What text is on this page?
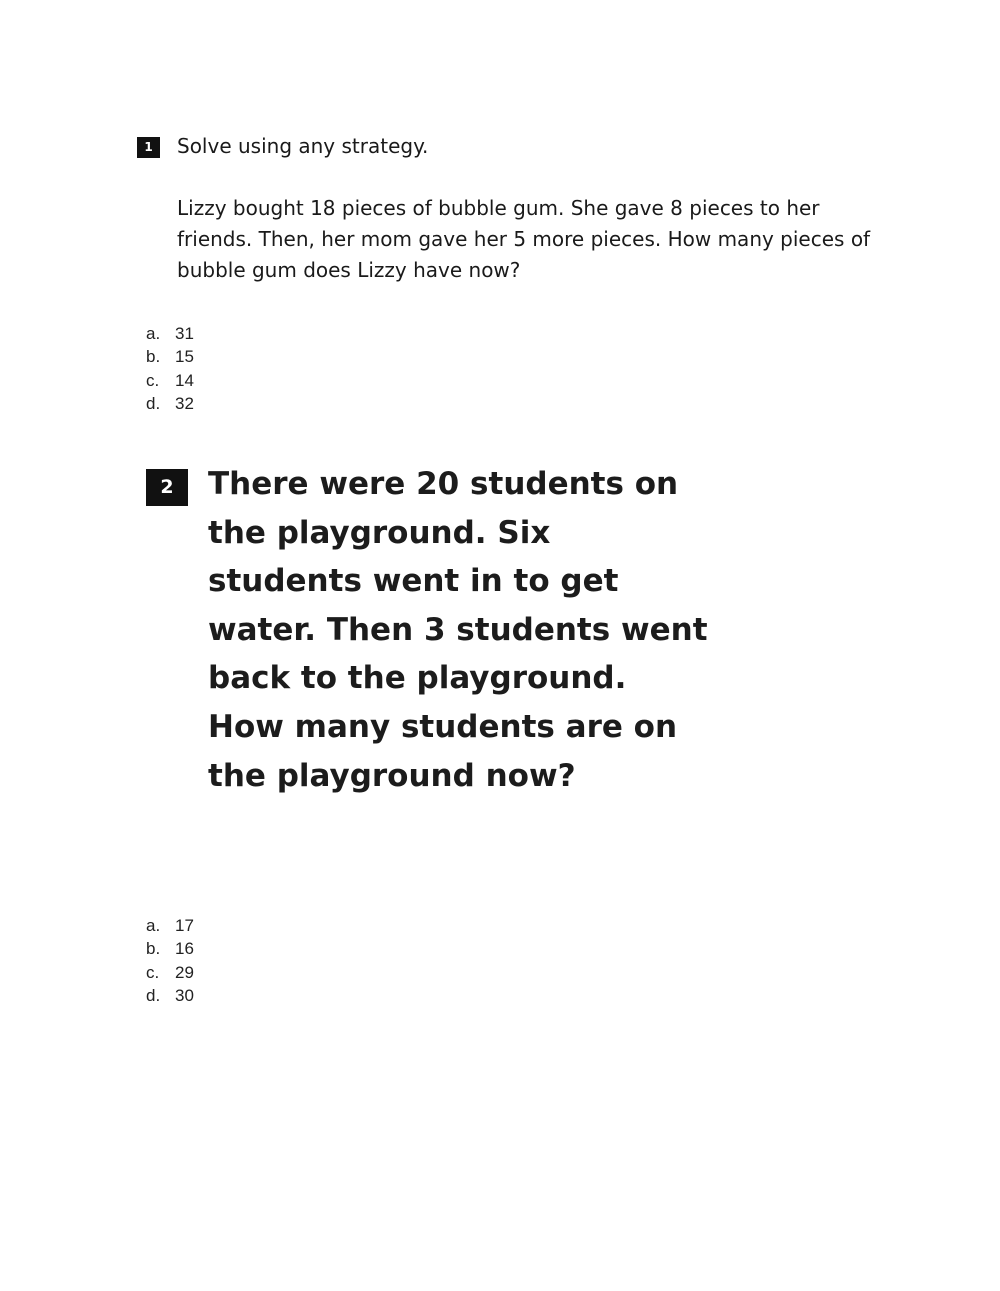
1	Solve using any strategy.
Lizzy bought 18 pieces of bubble gum. She gave 8 pieces to her friends. Then, her mom gave her 5 more pieces. How many pieces of bubble gum does Lizzy have now?
a. 31
b. 15
c. 14
d. 32
2	There were 20 students on the playground. Six students went in to get water. Then 3 students went back to the playground. How many students are on the playground now?
a. 17
b. 16
c. 29
d. 30
